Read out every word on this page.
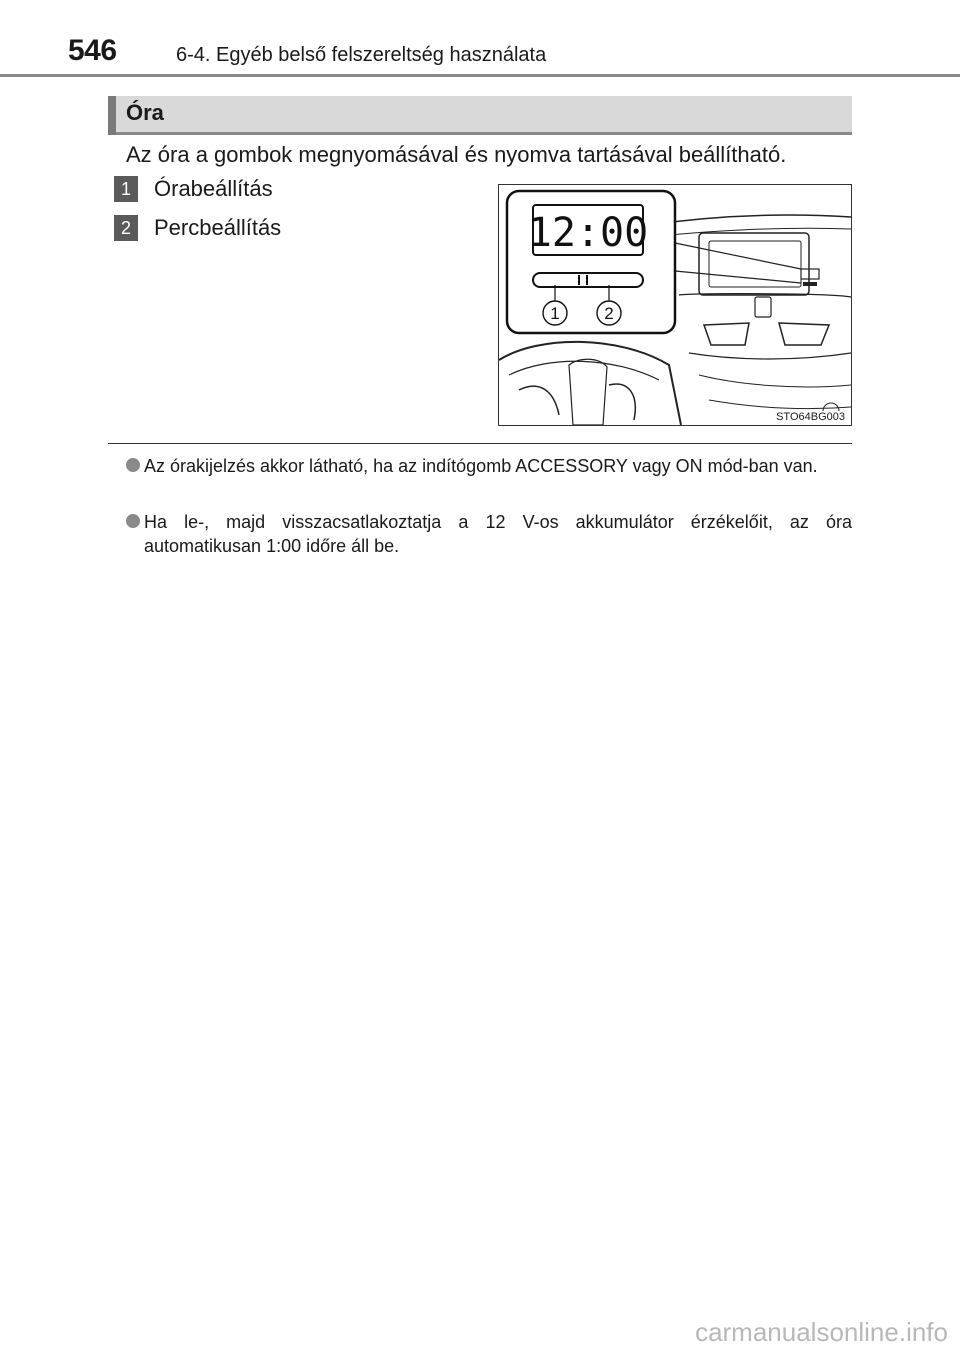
546	6-4. Egyéb belső felszereltség használata
Óra
Az óra a gombok megnyomásával és nyomva tartásával beállítható.
1	Órabeállítás
2	Percbeállítás	12:00
1	2
STO64BG003
Az órakijelzés akkor látható, ha az indítógomb ACCESSORY vagy ON mód-ban van.
Ha le-, majd visszacsatlakoztatja a 12 V-os akkumulátor érzékelőit, az óra automatikusan 1:00 időre áll be.
carmanualsonline.info
